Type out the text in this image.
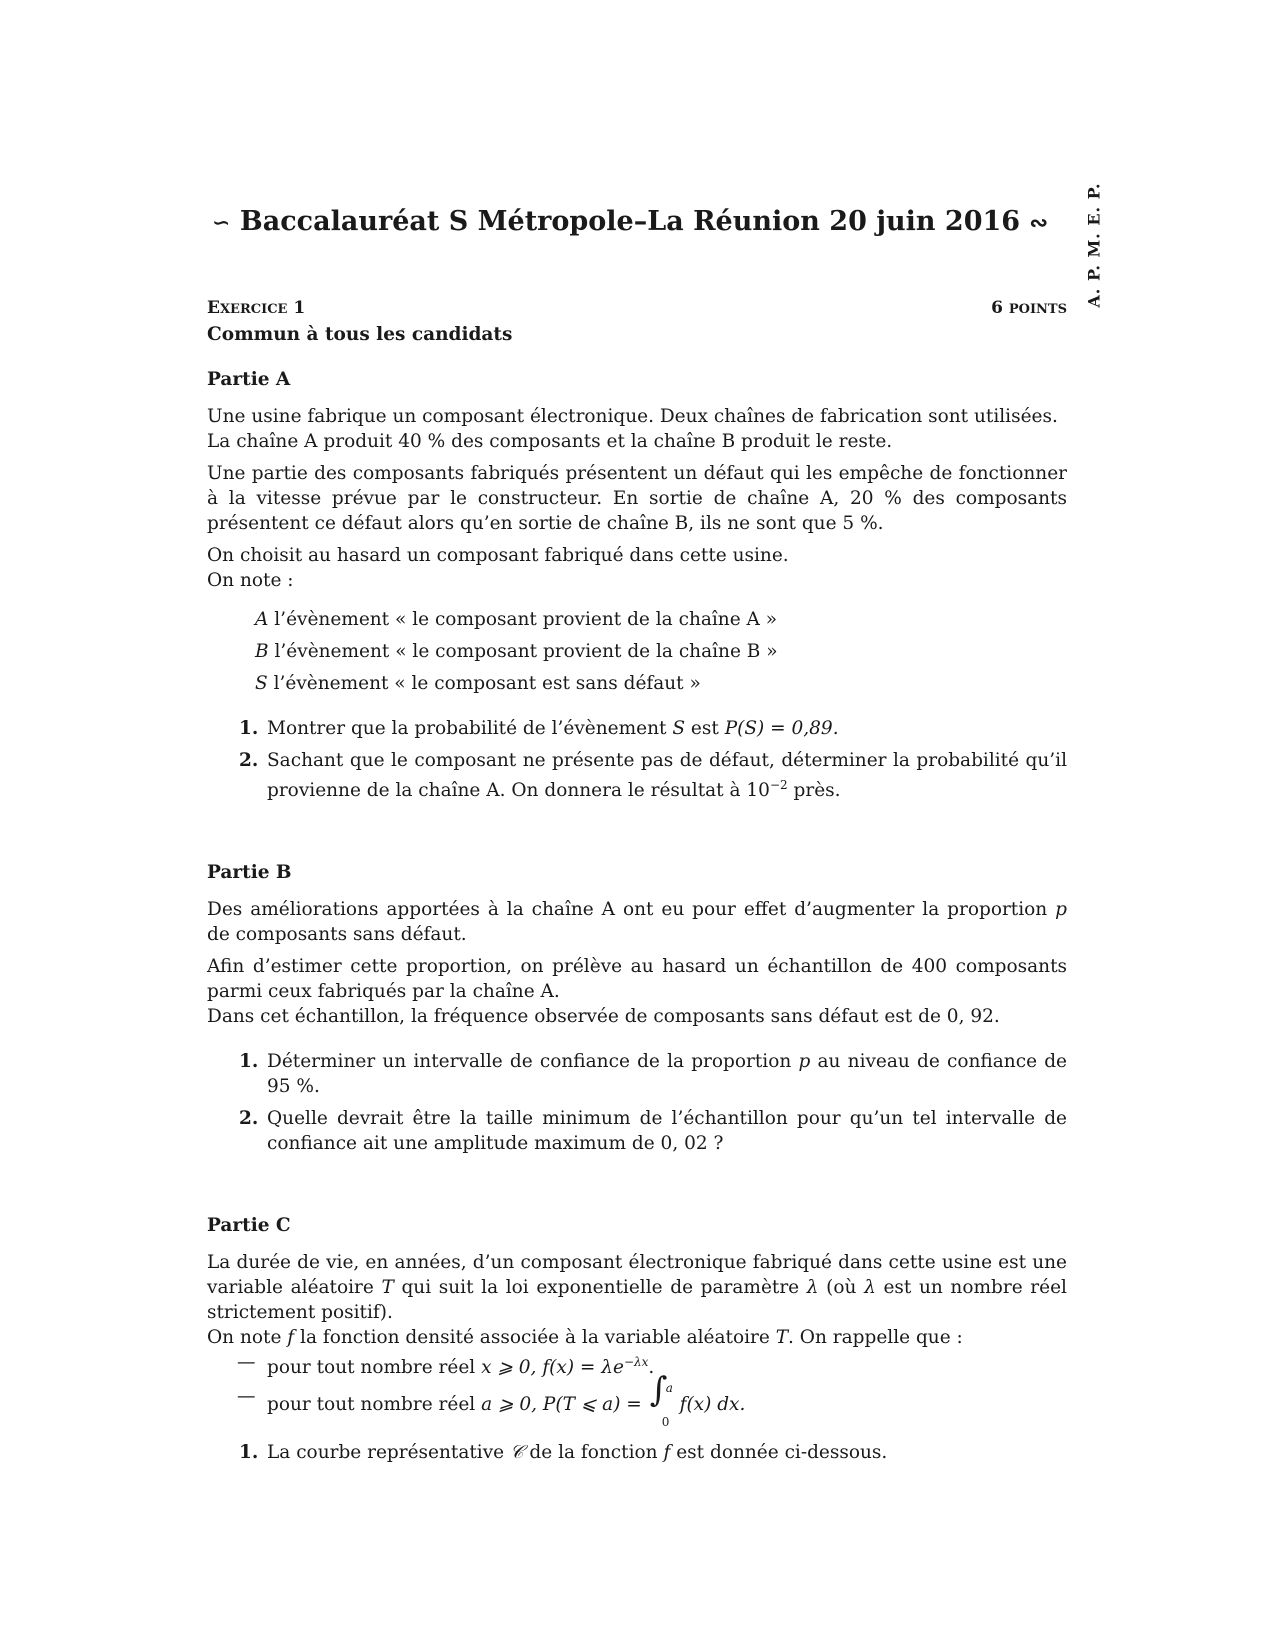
A. P. M. E. P.
∽ Baccalauréat S Métropole–La Réunion 20 juin 2016 ∾
EXERCICE 1	6 POINTS
Commun à tous les candidats
Partie A

Une usine fabrique un composant électronique. Deux chaînes de fabrication sont utilisées.
La chaîne A produit 40 % des composants et la chaîne B produit le reste.

Une partie des composants fabriqués présentent un défaut qui les empêche de fonctionner à la vitesse prévue par le constructeur. En sortie de chaîne A, 20 % des composants présentent ce défaut alors qu’en sortie de chaîne B, ils ne sont que 5 %.

On choisit au hasard un composant fabriqué dans cette usine.
On note :

A l’évènement « le composant provient de la chaîne A »
B l’évènement « le composant provient de la chaîne B »
S l’évènement « le composant est sans défaut »
1. Montrer que la probabilité de l’évènement S est P(S) = 0,89.
2. Sachant que le composant ne présente pas de défaut, déterminer la probabilité qu’il provienne de la chaîne A. On donnera le résultat à $10^{-2}$ près.
Partie B

Des améliorations apportées à la chaîne A ont eu pour effet d’augmenter la proportion p de composants sans défaut.

Afin d’estimer cette proportion, on prélève au hasard un échantillon de 400 composants parmi ceux fabriqués par la chaîne A.
Dans cet échantillon, la fréquence observée de composants sans défaut est de 0, 92.

1. Déterminer un intervalle de confiance de la proportion p au niveau de confiance de 95 %.
2. Quelle devrait être la taille minimum de l’échantillon pour qu’un tel intervalle de confiance ait une amplitude maximum de 0, 02 ?
Partie C

La durée de vie, en années, d’un composant électronique fabriqué dans cette usine est une variable aléatoire T qui suit la loi exponentielle de paramètre λ (où λ est un nombre réel strictement positif).
On note f la fonction densité associée à la variable aléatoire T. On rappelle que :

— pour tout nombre réel x ⩾ 0, $f(x) = \lambda e^{-\lambda x}$.
— pour tout nombre réel a ⩾ 0, P(T ⩽ a) = ∫
a
0
f(x) dx.
1. La courbe représentative 𝒞 de la fonction f est donnée ci-dessous.
